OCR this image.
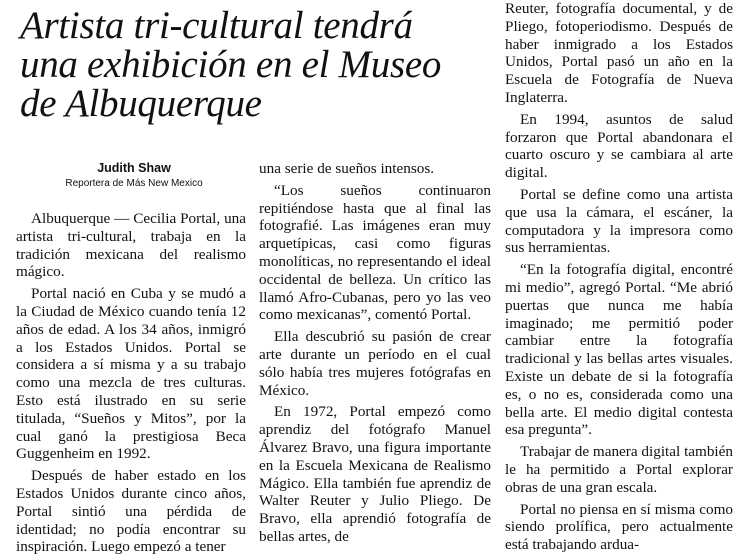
Artista tri-cultural tendrá
una exhibición en el Museo
de Albuquerque
Judith Shaw
Reportera de Más New Mexico

Albuquerque — Cecilia Portal, una artista tri-cultural, trabaja en la tradición mexicana del realismo mágico.

Portal nació en Cuba y se mudó a la Ciudad de México cuando tenía 12 años de edad. A los 34 años, inmigró a los Estados Unidos. Portal se considera a sí misma y a su trabajo como una mezcla de tres culturas. Esto está ilustrado en su serie titulada, “Sueños y Mitos”, por la cual ganó la prestigiosa Beca Guggenheim en 1992.

Después de haber estado en los Estados Unidos durante cinco años, Portal sintió una pérdida de identidad; no podía encontrar su inspiración. Luego empezó a tener

una serie de sueños intensos.

“Los sueños continuaron repitiéndose hasta que al final las fotografié. Las imágenes eran muy arquetípicas, casi como figuras monolíticas, no representando el ideal occidental de belleza. Un crítico las llamó Afro-Cubanas, pero yo las veo como mexicanas”, comentó Portal.

Ella descubrió su pasión de crear arte durante un período en el cual sólo había tres mujeres fotógrafas en México.

En 1972, Portal empezó como aprendiz del fotógrafo Manuel Álvarez Bravo, una figura importante en la Escuela Mexicana de Realismo Mágico. Ella también fue aprendiz de Walter Reuter y Julio Pliego. De Bravo, ella aprendió fotografía de bellas artes, de

Reuter, fotografía documental, y de Pliego, fotoperiodismo. Después de haber inmigrado a los Estados Unidos, Portal pasó un año en la Escuela de Fotografía de Nueva Inglaterra.

En 1994, asuntos de salud forzaron que Portal abandonara el cuarto oscuro y se cambiara al arte digital.

Portal se define como una artista que usa la cámara, el escáner, la computadora y la impresora como sus herramientas.

“En la fotografía digital, encontré mi medio”, agregó Portal. “Me abrió puertas que nunca me había imaginado; me permitió poder cambiar entre la fotografía tradicional y las bellas artes visuales. Existe un debate de si la fotografía es, o no es, considerada como una bella arte. El medio digital contesta esa pregunta”.

Trabajar de manera digital también le ha permitido a Portal explorar obras de una gran escala.

Portal no piensa en sí misma como siendo prolífica, pero actualmente está trabajando ardua-
